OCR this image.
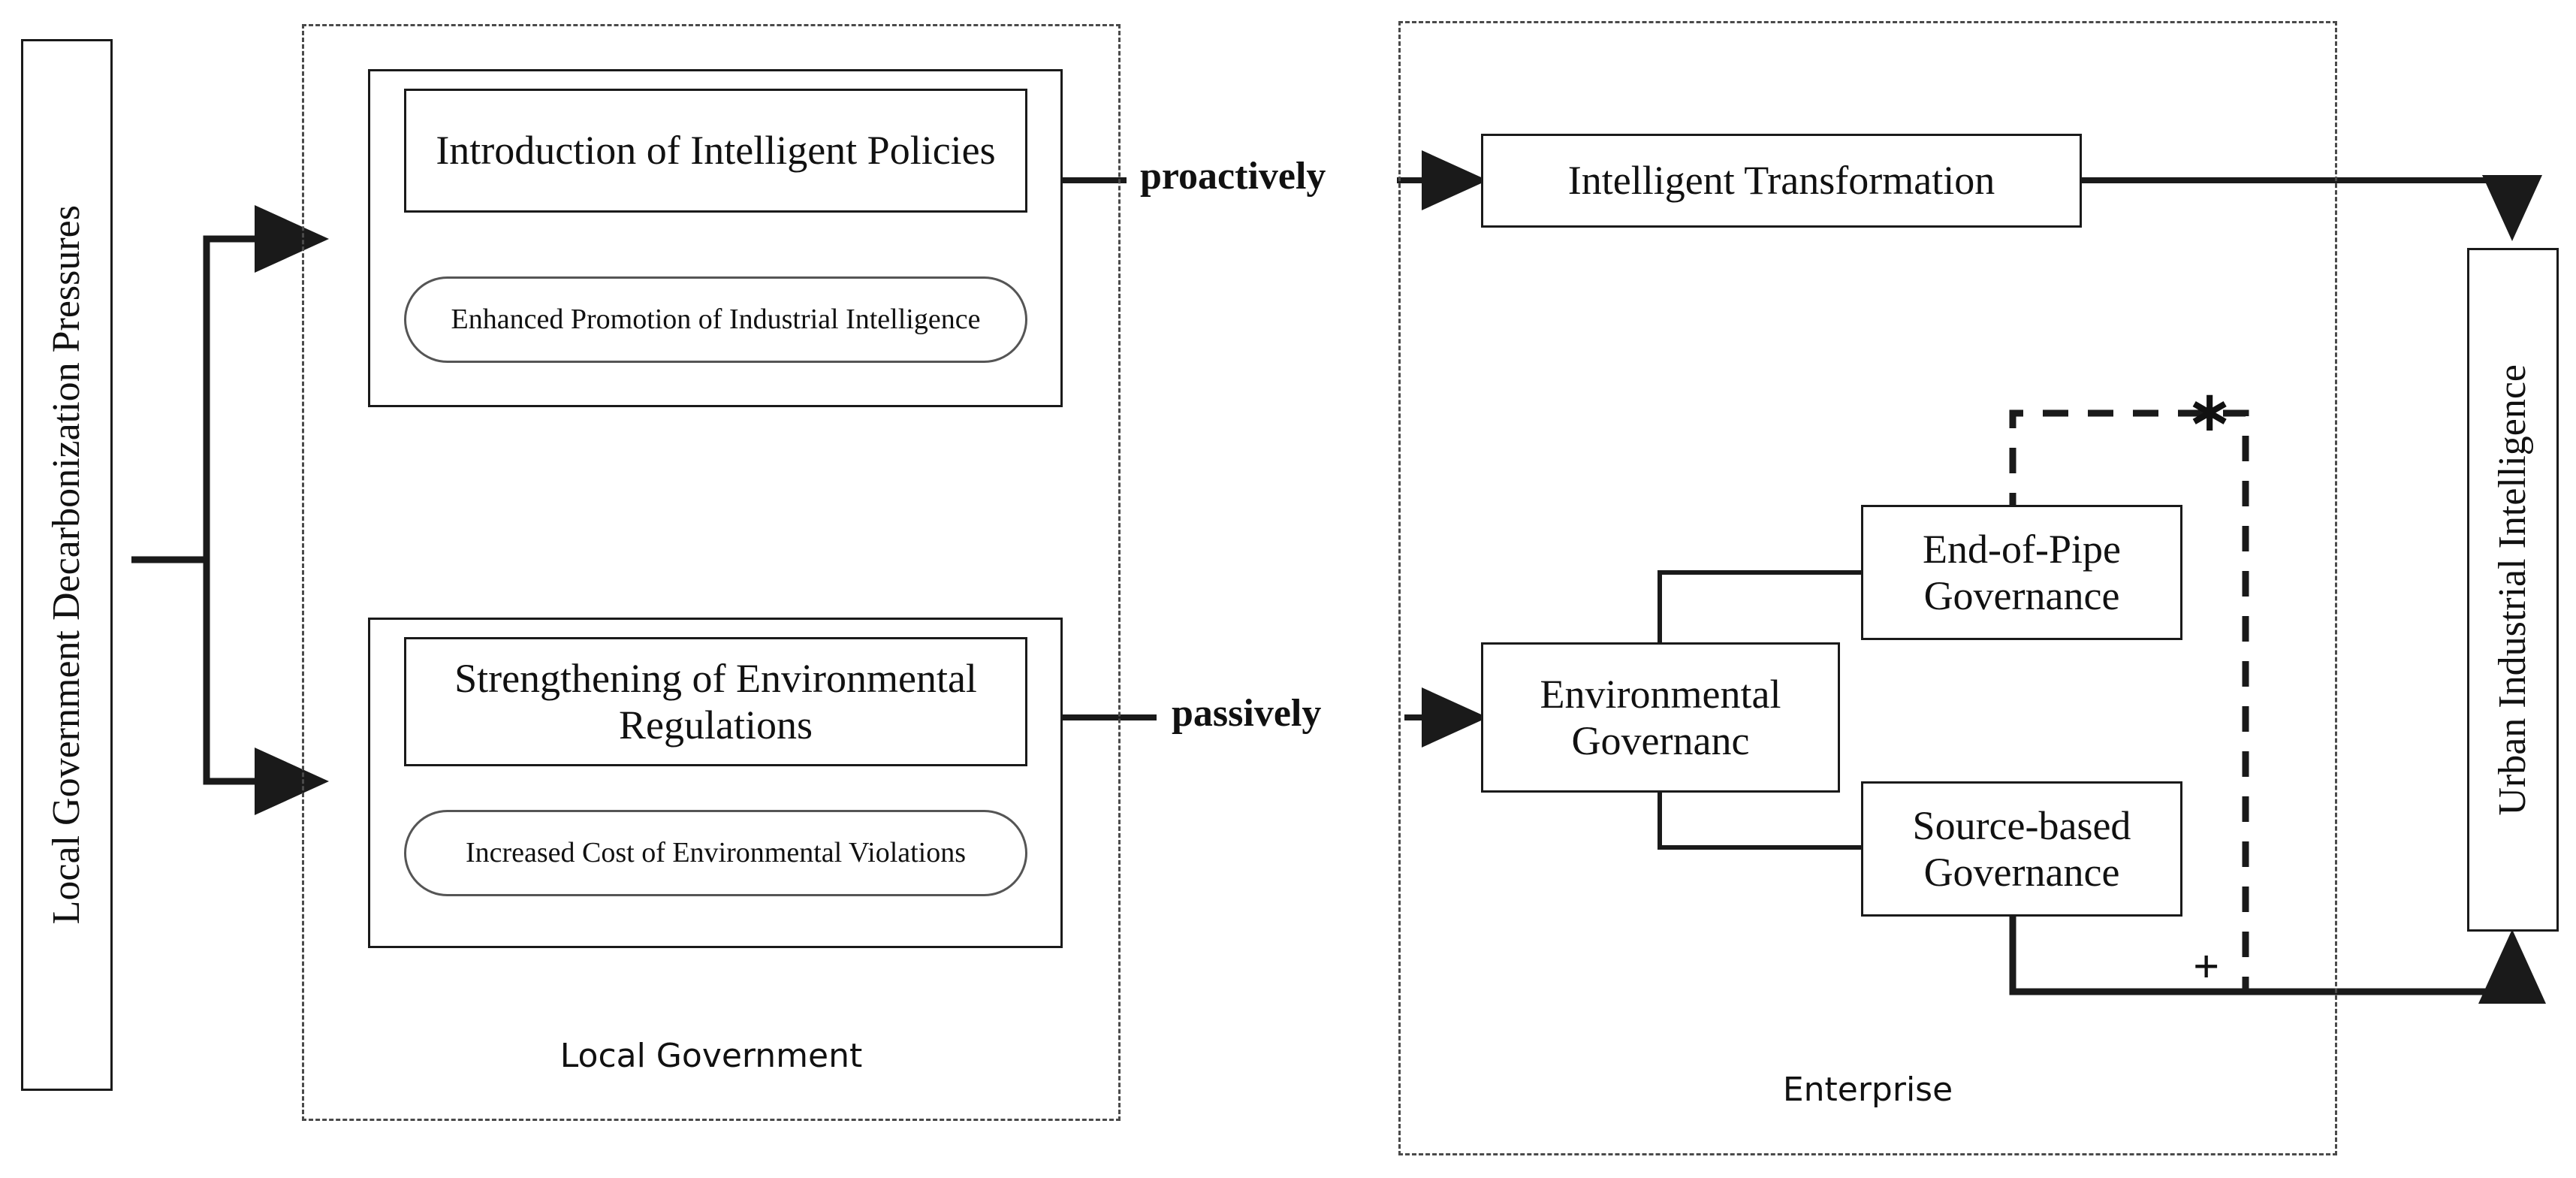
Local Government Decarbonization Pressures
Local Government
Enterprise
Introduction of Intelligent Policies
Enhanced Promotion of Industrial Intelligence
Strengthening of Environmental Regulations
Increased Cost of Environmental Violations
proactively
passively
Intelligent Transformation
Environmental Governanc
End-of-Pipe Governance
Source-based Governance
∗
+
Urban Industrial Intelligence
